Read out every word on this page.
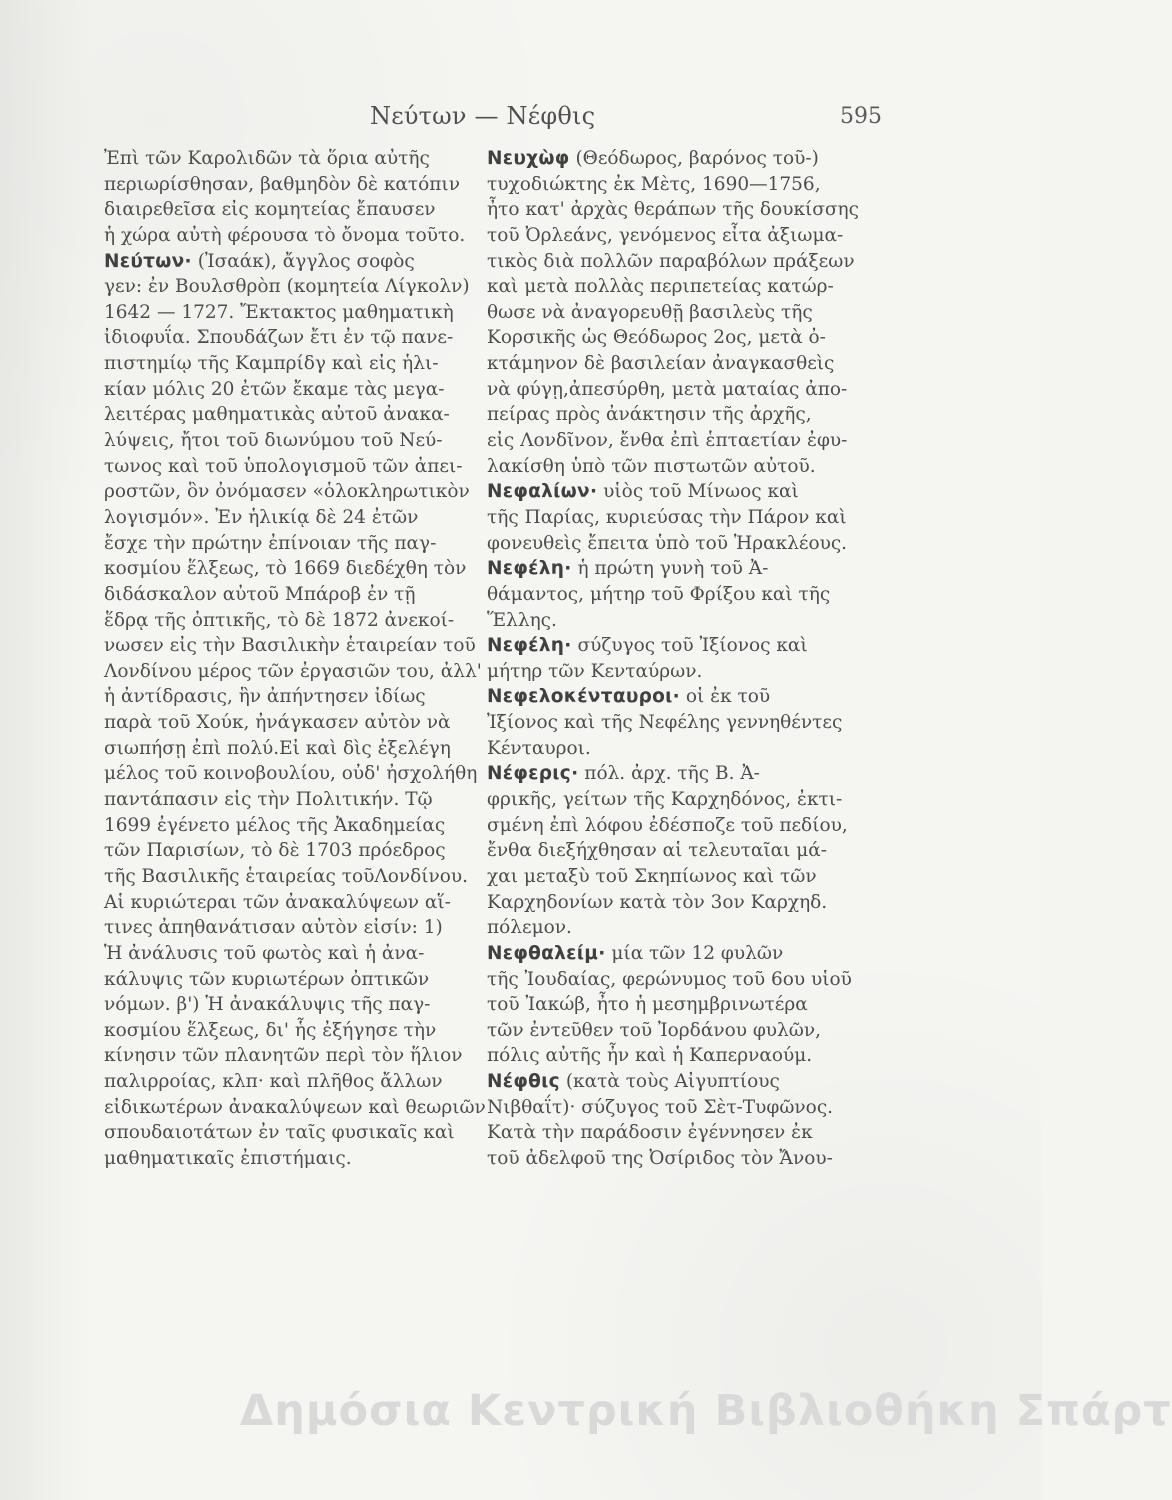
Νεύτων — Νέφθις	595
Ἐπὶ τῶν Καρολιδῶν τὰ ὅρια αὐτῆς
περιωρίσθησαν, βαθμηδὸν δὲ κατόπιν
διαιρεθεῖσα εἰς κομητείας ἔπαυσεν
ἡ χώρα αὐτὴ φέρουσα τὸ ὄνομα τοῦτο.
Νεύτων· (Ἰσαάκ), ἄγγλος σοφὸς
γεν: ἐν Βουλσθρὸπ (κομητεία Λίγκολν)
1642 — 1727. Ἔκτακτος μαθηματικὴ
ἰδιοφυΐα. Σπουδάζων ἔτι ἐν τῷ πανε-
πιστημίῳ τῆς Καμπρίδγ καὶ εἰς ἡλι-
κίαν μόλις 20 ἐτῶν ἔκαμε τὰς μεγα-
λειτέρας μαθηματικὰς αὐτοῦ ἀνακα-
λύψεις, ἤτοι τοῦ διωνύμου τοῦ Νεύ-
τωνος καὶ τοῦ ὑπολογισμοῦ τῶν ἀπει-
ροστῶν, ὃν ὀνόμασεν «ὁλοκληρωτικὸν
λογισμόν». Ἐν ἡλικίᾳ δὲ 24 ἐτῶν
ἔσχε τὴν πρώτην ἐπίνοιαν τῆς παγ-
κοσμίου ἕλξεως, τὸ 1669 διεδέχθη τὸν
διδάσκαλον αὐτοῦ Μπάροβ ἐν τῇ
ἕδρᾳ τῆς ὀπτικῆς, τὸ δὲ 1872 ἀνεκοί-
νωσεν εἰς τὴν Βασιλικὴν ἑταιρείαν τοῦ
Λονδίνου μέρος τῶν ἐργασιῶν του, ἀλλ'
ἡ ἀντίδρασις, ἣν ἀπήντησεν ἰδίως
παρὰ τοῦ Χούκ, ἠνάγκασεν αὐτὸν νὰ
σιωπήσῃ ἐπὶ πολύ.Εἰ καὶ δὶς ἐξελέγη
μέλος τοῦ κοινοβουλίου, οὐδ' ἠσχολήθη
παντάπασιν εἰς τὴν Πολιτικήν. Τῷ
1699 ἐγένετο μέλος τῆς Ἀκαδημείας
τῶν Παρισίων, τὸ δὲ 1703 πρόεδρος
τῆς Βασιλικῆς ἑταιρείας τοῦΛονδίνου.
Αἱ κυριώτεραι τῶν ἀνακαλύψεων αἵ-
τινες ἀπηθανάτισαν αὐτὸν εἰσίν: 1)
Ἡ ἀνάλυσις τοῦ φωτὸς καὶ ἡ ἀνα-
κάλυψις τῶν κυριωτέρων ὀπτικῶν
νόμων. β') Ἡ ἀνακάλυψις τῆς παγ-
κοσμίου ἕλξεως, δι' ἧς ἐξήγησε τὴν
κίνησιν τῶν πλανητῶν περὶ τὸν ἥλιον
παλιρροίας, κλπ· καὶ πλῆθος ἄλλων
εἰδικωτέρων ἀνακαλύψεων καὶ θεωριῶν
σπουδαιοτάτων ἐν ταῖς φυσικαῖς καὶ
μαθηματικαῖς ἐπιστήμαις.
Νευχὼφ (Θεόδωρος, βαρόνος τοῦ-)
τυχοδιώκτης ἐκ Μὲτς, 1690—1756,
ἦτο κατ' ἀρχὰς θεράπων τῆς δουκίσσης
τοῦ Ὀρλεάνς, γενόμενος εἶτα ἀξιωμα-
τικὸς διὰ πολλῶν παραβόλων πράξεων
καὶ μετὰ πολλὰς περιπετείας κατώρ-
θωσε νὰ ἀναγορευθῇ βασιλεὺς τῆς
Κορσικῆς ὡς Θεόδωρος 2ος, μετὰ ὀ-
κτάμηνον δὲ βασιλείαν ἀναγκασθεὶς
νὰ φύγῃ,ἀπεσύρθη, μετὰ ματαίας ἀπο-
πείρας πρὸς ἀνάκτησιν τῆς ἀρχῆς,
εἰς Λονδῖνον, ἔνθα ἐπὶ ἑπταετίαν ἐφυ-
λακίσθη ὑπὸ τῶν πιστωτῶν αὐτοῦ.
Νεφαλίων· υἱὸς τοῦ Μίνωος καὶ
τῆς Παρίας, κυριεύσας τὴν Πάρον καὶ
φονευθεὶς ἔπειτα ὑπὸ τοῦ Ἡρακλέους.
Νεφέλη· ἡ πρώτη γυνὴ τοῦ Ἀ-
θάμαντος, μήτηρ τοῦ Φρίξου καὶ τῆς
Ἕλλης.
Νεφέλη· σύζυγος τοῦ Ἰξίονος καὶ
μήτηρ τῶν Κενταύρων.
Νεφελοκένταυροι· οἱ ἐκ τοῦ
Ἰξίονος καὶ τῆς Νεφέλης γεννηθέντες
Κένταυροι.
Νέφερις· πόλ. ἀρχ. τῆς Β. Ἀ-
φρικῆς, γείτων τῆς Καρχηδόνος, ἐκτι-
σμένη ἐπὶ λόφου ἐδέσποζε τοῦ πεδίου,
ἔνθα διεξήχθησαν αἱ τελευταῖαι μά-
χαι μεταξὺ τοῦ Σκηπίωνος καὶ τῶν
Καρχηδονίων κατὰ τὸν 3ον Καρχηδ.
πόλεμον.
Νεφθαλείμ· μία τῶν 12 φυλῶν
τῆς Ἰουδαίας, φερώνυμος τοῦ 6ου υἱοῦ
τοῦ Ἰακώβ, ἦτο ἡ μεσημβρινωτέρα
τῶν ἐντεῦθεν τοῦ Ἰορδάνου φυλῶν,
πόλις αὐτῆς ἦν καὶ ἡ Καπερναούμ.
Νέφθις (κατὰ τοὺς Αἰγυπτίους
Νιβθαΐτ)· σύζυγος τοῦ Σὲτ-Τυφῶνος.
Κατὰ τὴν παράδοσιν ἐγέννησεν ἐκ
τοῦ ἀδελφοῦ της Ὀσίριδος τὸν Ἄνου-
Δημόσια Κεντρική Βιβλιοθήκη Σπάρτ
